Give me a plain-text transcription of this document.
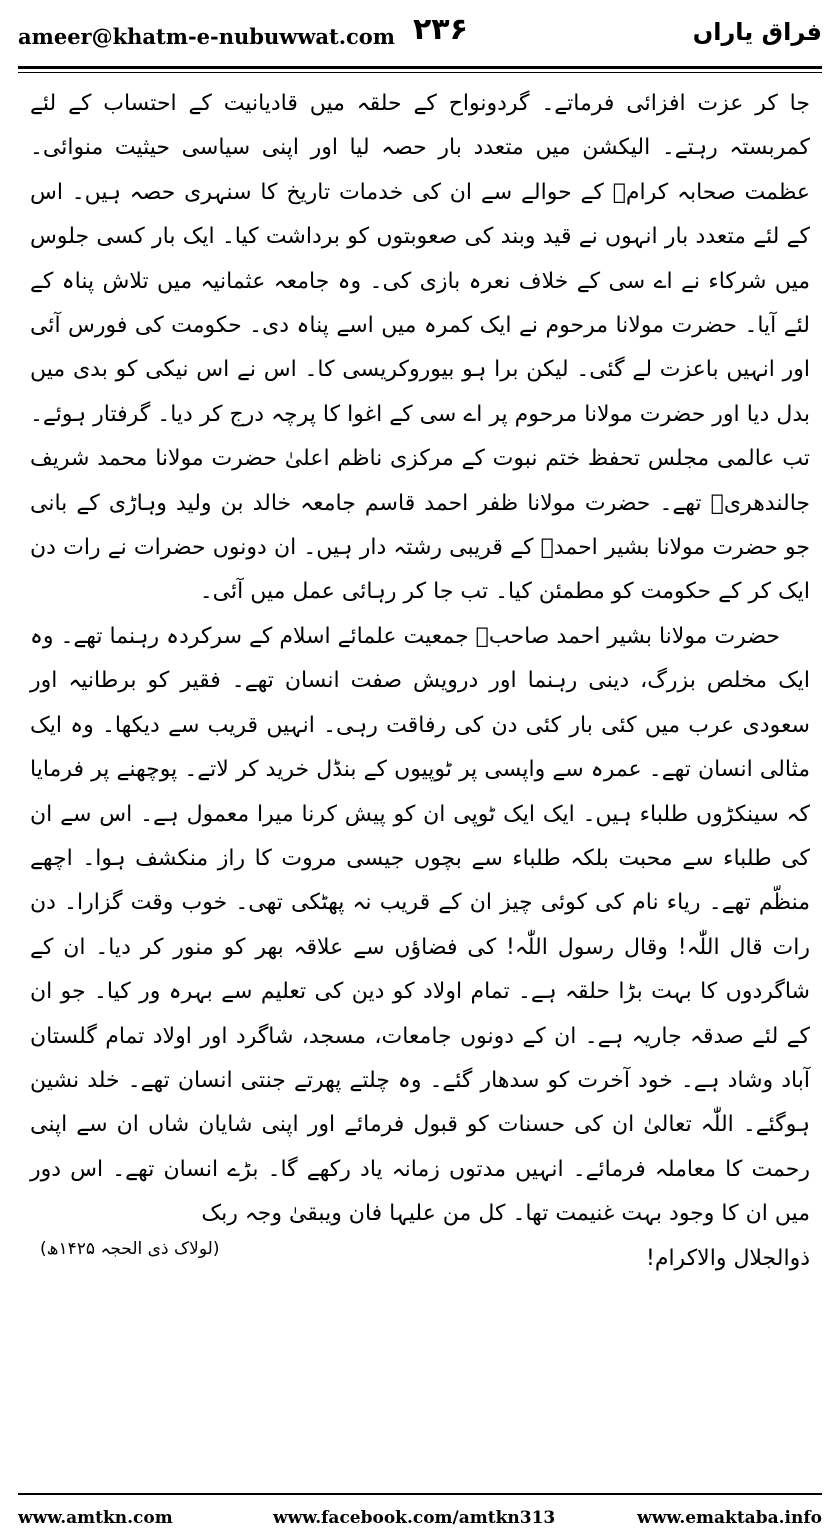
ameer@khatm-e-nubuwwat.com ۲۳۶	فراق یاراں

جا کر عزت افزائی فرماتے۔ گردونواح کے حلقہ میں قادیانیت کے احتساب کے لئے کمربستہ رہتے۔ الیکشن میں متعدد بار حصہ لیا اور اپنی سیاسی حیثیت منوائی۔ عظمت صحابہ کرامؓ کے حوالے سے ان کی خدمات تاریخ کا سنہری حصہ ہیں۔ اس کے لئے متعدد بار انہوں نے قید وبند کی صعوبتوں کو برداشت کیا۔ ایک بار کسی جلوس میں شرکاء نے اے سی کے خلاف نعرہ بازی کی۔ وہ جامعہ عثمانیہ میں تلاش پناہ کے لئے آیا۔ حضرت مولانا مرحوم نے ایک کمرہ میں اسے پناہ دی۔ حکومت کی فورس آئی اور انہیں باعزت لے گئی۔ لیکن برا ہو بیوروکریسی کا۔ اس نے اس نیکی کو بدی میں بدل دیا اور حضرت مولانا مرحوم پر اے سی کے اغوا کا پرچہ درج کر دیا۔ گرفتار ہوئے۔ تب عالمی مجلس تحفظ ختم نبوت کے مرکزی ناظم اعلیٰ حضرت مولانا محمد شریف جالندھریؒ تھے۔ حضرت مولانا ظفر احمد قاسم جامعہ خالد بن ولید وہاڑی کے بانی جو حضرت مولانا بشیر احمدؒ کے قریبی رشتہ دار ہیں۔ ان دونوں حضرات نے رات دن ایک کر کے حکومت کو مطمئن کیا۔ تب جا کر رہائی عمل میں آئی۔

حضرت مولانا بشیر احمد صاحبؒ جمعیت علمائے اسلام کے سرکردہ رہنما تھے۔ وہ ایک مخلص بزرگ، دینی رہنما اور درویش صفت انسان تھے۔ فقیر کو برطانیہ اور سعودی عرب میں کئی بار کئی دن کی رفاقت رہی۔ انہیں قریب سے دیکھا۔ وہ ایک مثالی انسان تھے۔ عمرہ سے واپسی پر ٹوپیوں کے بنڈل خرید کر لاتے۔ پوچھنے پر فرمایا کہ سینکڑوں طلباء ہیں۔ ایک ایک ٹوپی ان کو پیش کرنا میرا معمول ہے۔ اس سے ان کی طلباء سے محبت بلکہ طلباء سے بچوں جیسی مروت کا راز منکشف ہوا۔ اچھے منظّم تھے۔ ریاء نام کی کوئی چیز ان کے قریب نہ پھٹکی تھی۔ خوب وقت گزارا۔ دن رات قال اللّٰہ! وقال رسول اللّٰہ! کی فضاؤں سے علاقہ بھر کو منور کر دیا۔ ان کے شاگردوں کا بہت بڑا حلقہ ہے۔ تمام اولاد کو دین کی تعلیم سے بہرہ ور کیا۔ جو ان کے لئے صدقہ جاریہ ہے۔ ان کے دونوں جامعات، مسجد، شاگرد اور اولاد تمام گلستان آباد وشاد ہے۔ خود آخرت کو سدھار گئے۔ وہ چلتے پھرتے جنتی انسان تھے۔ خلد نشین ہوگئے۔ اللّٰہ تعالیٰ ان کی حسنات کو قبول فرمائے اور اپنی شایان شاں ان سے اپنی رحمت کا معاملہ فرمائے۔ انہیں مدتوں زمانہ یاد رکھے گا۔ بڑے انسان تھے۔ اس دور میں ان کا وجود بہت غنیمت تھا۔ کل من علیہا فان ویبقیٰ وجہ ربک

ذوالجلال والاکرام!
(لولاک ذی الحجہ ۱۴۲۵ھ)
www.amtkn.com	www.facebook.com/amtkn313	www.emaktaba.info
